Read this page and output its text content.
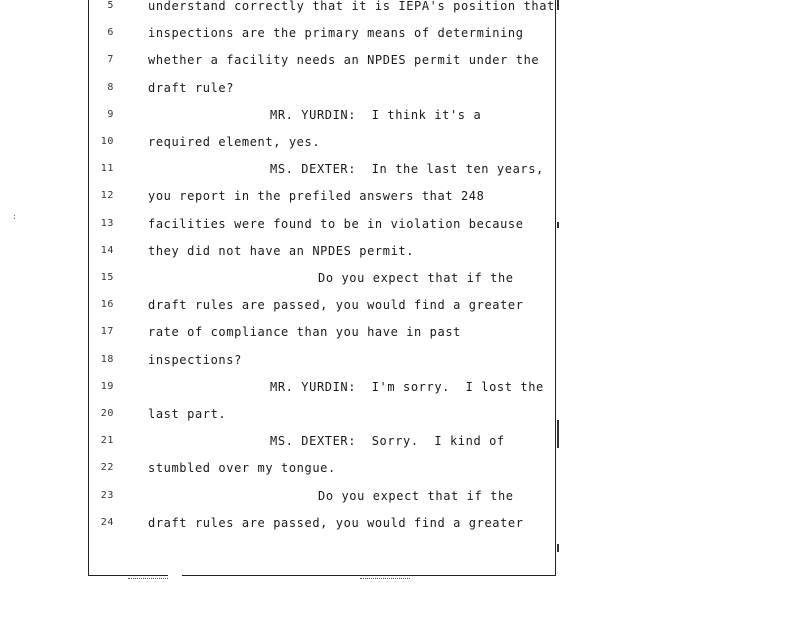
:
5	understand correctly that it is IEPA's position that
6	inspections are the primary means of determining
7	whether a facility needs an NPDES permit under the
8	draft rule?
9	MR. YURDIN:  I think it's a
10	required element, yes.
11	MS. DEXTER:  In the last ten years,
12	you report in the prefiled answers that 248
13	facilities were found to be in violation because
14	they did not have an NPDES permit.
15	Do you expect that if the
16	draft rules are passed, you would find a greater
17	rate of compliance than you have in past
18	inspections?
19	MR. YURDIN:  I'm sorry.  I lost the
20	last part.
21	MS. DEXTER:  Sorry.  I kind of
22	stumbled over my tongue.
23	Do you expect that if the
24	draft rules are passed, you would find a greater
